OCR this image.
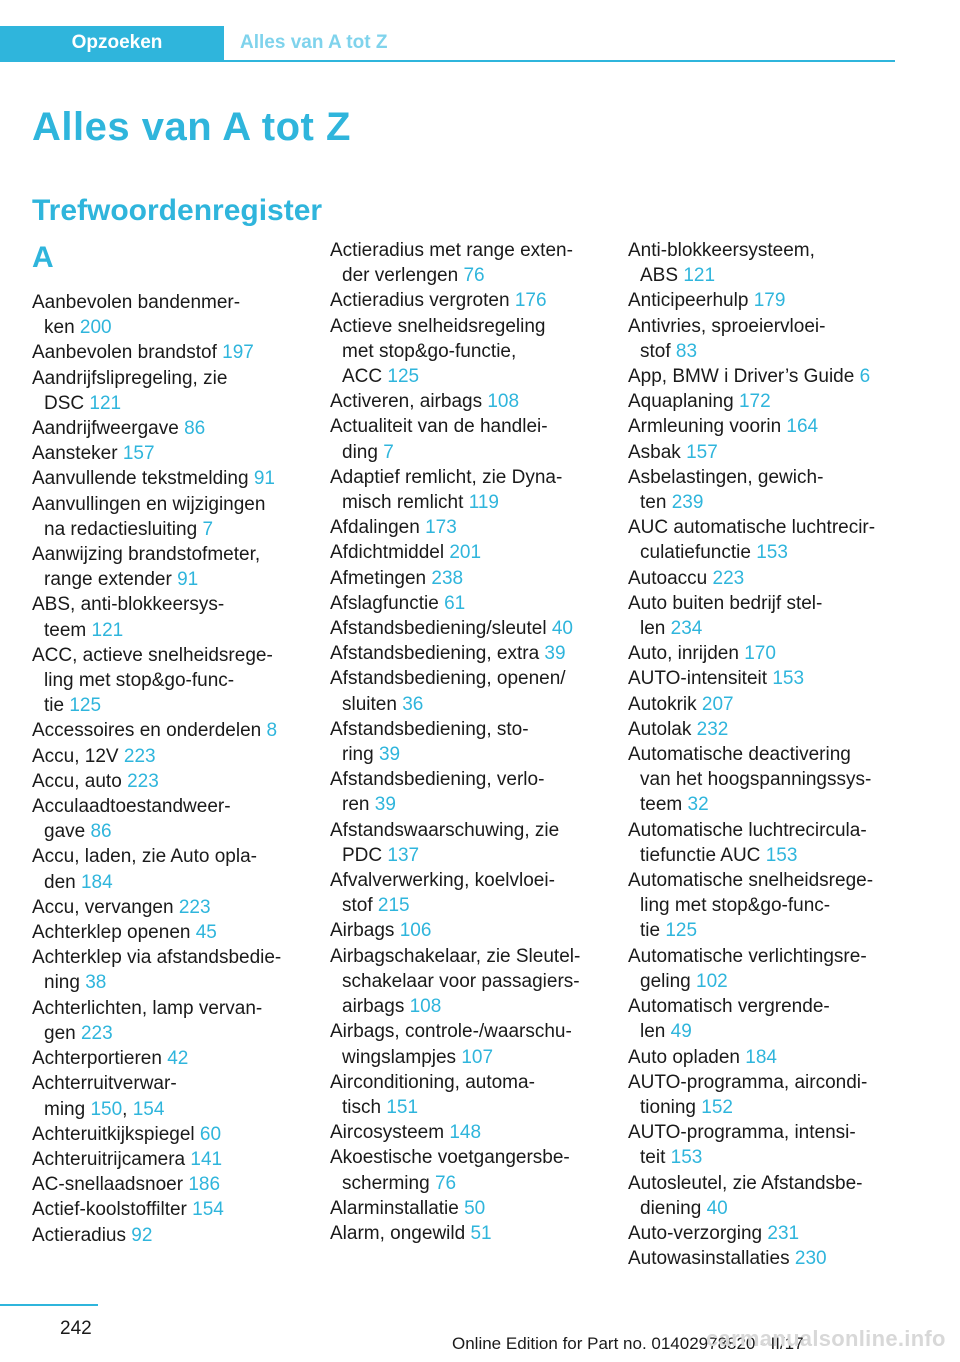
Opzoeken	Alles van A tot Z
Alles van A tot Z
Trefwoordenregister
A
Aanbevolen bandenmer-
ken 200
Aanbevolen brandstof 197
Aandrijfslipregeling, zie
DSC 121
Aandrijfweergave 86
Aansteker 157
Aanvullende tekstmelding 91
Aanvullingen en wijzigingen
na redactiesluiting 7
Aanwijzing brandstofmeter,
range extender 91
ABS, anti-blokkeersys-
teem 121
ACC, actieve snelheidsrege-
ling met stop&go-func-
tie 125
Accessoires en onderdelen 8
Accu, 12V 223
Accu, auto 223
Acculaadtoestandweer-
gave 86
Accu, laden, zie Auto opla-
den 184
Accu, vervangen 223
Achterklep openen 45
Achterklep via afstandsbedie-
ning 38
Achterlichten, lamp vervan-
gen 223
Achterportieren 42
Achterruitverwar-
ming 150, 154
Achteruitkijkspiegel 60
Achteruitrijcamera 141
AC-snellaadsnoer 186
Actief-koolstoffilter 154
Actieradius 92
Actieradius met range exten-
der verlengen 76
Actieradius vergroten 176
Actieve snelheidsregeling
met stop&go-functie,
ACC 125
Activeren, airbags 108
Actualiteit van de handlei-
ding 7
Adaptief remlicht, zie Dyna-
misch remlicht 119
Afdalingen 173
Afdichtmiddel 201
Afmetingen 238
Afslagfunctie 61
Afstandsbediening/sleutel 40
Afstandsbediening, extra 39
Afstandsbediening, openen/
sluiten 36
Afstandsbediening, sto-
ring 39
Afstandsbediening, verlo-
ren 39
Afstandswaarschuwing, zie
PDC 137
Afvalverwerking, koelvloei-
stof 215
Airbags 106
Airbagschakelaar, zie Sleutel-
schakelaar voor passagiers-
airbags 108
Airbags, controle-/waarschu-
wingslampjes 107
Airconditioning, automa-
tisch 151
Aircosysteem 148
Akoestische voetgangersbe-
scherming 76
Alarminstallatie 50
Alarm, ongewild 51
Anti-blokkeersysteem,
ABS 121
Anticipeerhulp 179
Antivries, sproeiervloei-
stof 83
App, BMW i Driver’s Guide 6
Aquaplaning 172
Armleuning voorin 164
Asbak 157
Asbelastingen, gewich-
ten 239
AUC automatische luchtrecir-
culatiefunctie 153
Autoaccu 223
Auto buiten bedrijf stel-
len 234
Auto, inrijden 170
AUTO-intensiteit 153
Autokrik 207
Autolak 232
Automatische deactivering
van het hoogspanningssys-
teem 32
Automatische luchtrecircula-
tiefunctie AUC 153
Automatische snelheidsrege-
ling met stop&go-func-
tie 125
Automatische verlichtingsre-
geling 102
Automatisch vergrende-
len 49
Auto opladen 184
AUTO-programma, aircondi-
tioning 152
AUTO-programma, intensi-
teit 153
Autosleutel, zie Afstandsbe-
diening 40
Auto-verzorging 231
Autowasinstallaties 230
242
Online Edition for Part no. 01402978820 - II/17
carmanualsonline.info
